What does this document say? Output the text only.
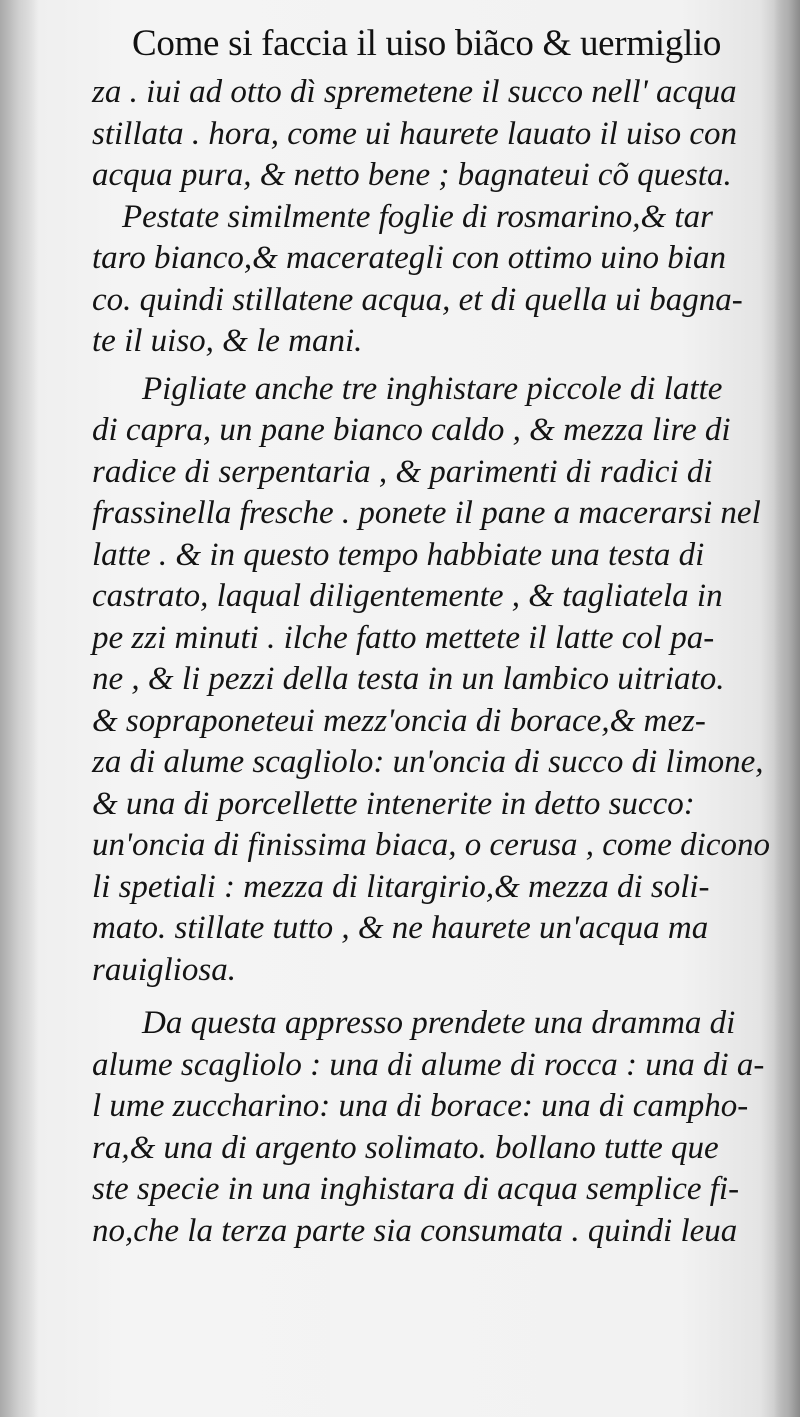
Come si faccia il uiso biãco & uermiglio
za . iui ad otto dì spremetene il succo nell' acqua
stillata . hora, come ui haurete lauato il uiso con
acqua pura, & netto bene ; bagnateui cõ questa.
Pestate similmente foglie di rosmarino,& tar
taro bianco,& macerategli con ottimo uino bian
co. quindi stillatene acqua, et di quella ui bagna-
te il uiso, & le mani.
Pigliate anche tre inghistare piccole di latte
di capra, un pane bianco caldo , & mezza lire di
radice di serpentaria , & parimenti di radici di
frassinella fresche . ponete il pane a macerarsi nel
latte . & in questo tempo habbiate una testa di
castrato, laqual diligentemente , & tagliatela in
pe zzi minuti . ilche fatto mettete il latte col pa-
ne , & li pezzi della testa in un lambico uitriato.
& sopraponeteui mezz'oncia di borace,& mez-
za di alume scagliolo: un'oncia di succo di limone,
& una di porcellette intenerite in detto succo:
un'oncia di finissima biaca, o cerusa , come dicono
li spetiali : mezza di litargirio,& mezza di soli-
mato. stillate tutto , & ne haurete un'acqua ma
rauigliosa.
Da questa appresso prendete una dramma di
alume scagliolo : una di alume di rocca : una di a-
l ume zuccharino: una di borace: una di campho-
ra,& una di argento solimato. bollano tutte que
ste specie in una inghistara di acqua semplice fi-
no,che la terza parte sia consumata . quindi leua
